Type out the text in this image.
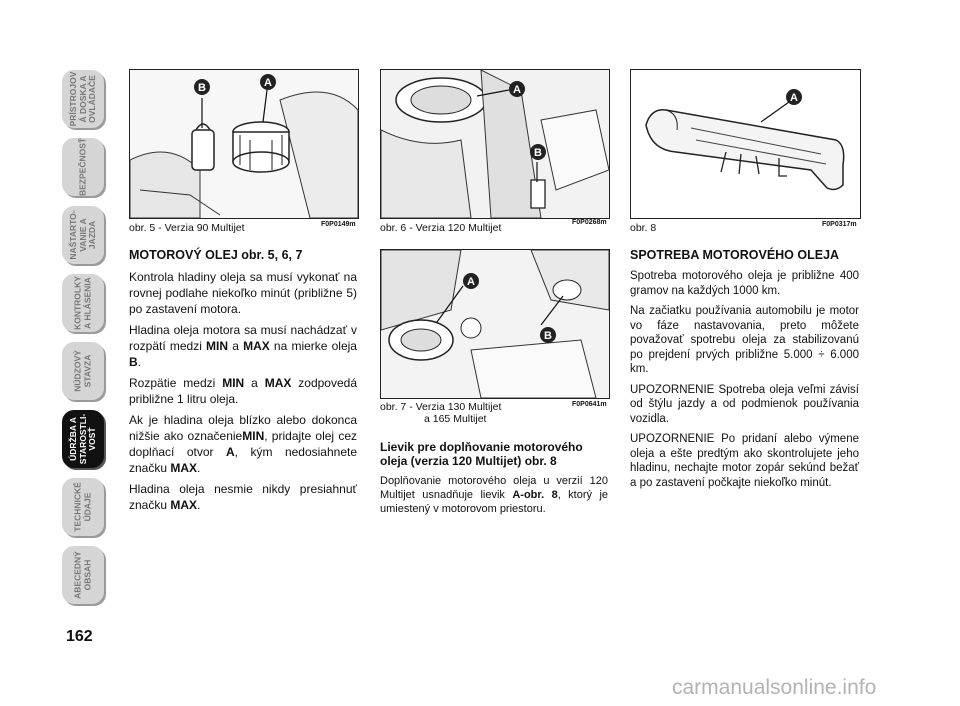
PRÍSTROJOV
Á DOSKA A
OVLÁDAČE
BEZPEČNOSŤ
NAŠTARTO-
VANIE A
JAZDA
KONTROLKY
A HLÁSENIA
NÚDZOVÝ
STAVZA
ÚDRŽBA A
STAROSTLI-
VOSŤ
TECHNICKÉ
ÚDAJE
ABECEDNÝ
OBSAH
162
B	A
obr. 5 - Verzia 90 Multijet	F0P0149m
A
B
obr. 6 - Verzia 120 Multijet	F0P0268m
A
B
obr. 7 - Verzia 130 Multijet
a 165 Multijet
F0P0641m
A
obr. 8	F0P0317m
MOTOROVÝ OLEJ obr. 5, 6, 7

Kontrola hladiny oleja sa musí vykonať na rovnej podlahe niekoľko minút (približne 5) po zastavení motora.

Hladina oleja motora sa musí nachádzať v rozpätí medzi MIN a MAX na mierke oleja B.

Rozpätie medzi MIN a MAX zodpovedá približne 1 litru oleja.

Ak je hladina oleja blízko alebo dokonca nižšie ako označenieMIN, pridajte olej cez doplňací otvor A, kým nedosiahnete značku MAX.

Hladina oleja nesmie nikdy presiahnuť značku MAX.

Lievik pre doplňovanie motorového oleja (verzia 120 Multijet) obr. 8

Doplňovanie motorového oleja u verzií 120 Multijet usnadňuje lievik A-obr. 8, ktorý je umiestený v motorovom priestoru.

SPOTREBA MOTOROVÉHO OLEJA

Spotreba motorového oleja je približne 400 gramov na každých 1000 km.

Na začiatku používania automobilu je motor vo fáze nastavovania, preto môžete považovať spotrebu oleja za stabilizovanú po prejdení prvých približne 5.000 ÷ 6.000 km.

UPOZORNENIE Spotreba oleja veľmi závisí od štýlu jazdy a od podmienok používania vozidla.

UPOZORNENIE Po pridaní alebo výmene oleja a ešte predtým ako skontrolujete jeho hladinu, nechajte motor zopár sekúnd bežať a po zastavení počkajte niekoľko minút.

carmanualsonline.info
